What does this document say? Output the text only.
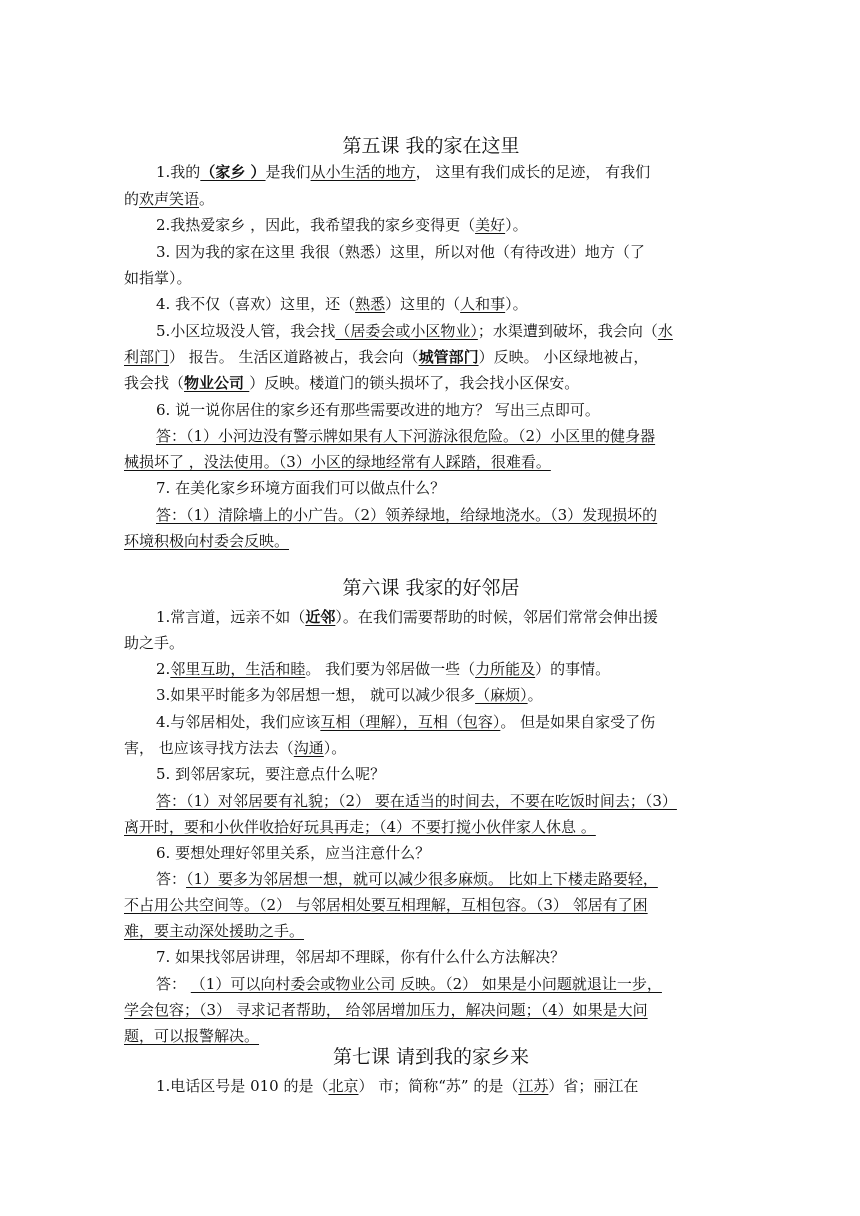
第五课 我的家在这里
1.我的（家乡 ）是我们从小生活的地方， 这里有我们成长的足迹， 有我们
的欢声笑语。
2.我热爱家乡 ，因此，我希望我的家乡变得更（美好）。
3. 因为我的家在这里 我很（熟悉）这里，所以对他（有待改进）地方（了
如指掌）。
4. 我不仅（喜欢）这里，还（熟悉）这里的（人和事）。
5.小区垃圾没人管，我会找（居委会或小区物业）；水渠遭到破坏，我会向（水
利部门） 报告。 生活区道路被占，我会向（城管部门）反映。 小区绿地被占，
我会找（物业公司 ）反映。楼道门的锁头损坏了，我会找小区保安。
6. 说一说你居住的家乡还有那些需要改进的地方？ 写出三点即可。
答：（1）小河边没有警示牌如果有人下河游泳很危险。（2）小区里的健身器
械损坏了 ，没法使用。（3）小区的绿地经常有人踩踏，很难看。
7. 在美化家乡环境方面我们可以做点什么？
答：（1）清除墙上的小广告。（2）领养绿地，给绿地浇水。（3）发现损坏的
环境积极向村委会反映。
第六课 我家的好邻居
1.常言道，远亲不如（近邻）。在我们需要帮助的时候，邻居们常常会伸出援
助之手。
2.邻里互助，生活和睦。 我们要为邻居做一些（力所能及）的事情。
3.如果平时能多为邻居想一想， 就可以减少很多（麻烦）。
4.与邻居相处，我们应该互相（理解），互相（包容）。 但是如果自家受了伤
害， 也应该寻找方法去（沟通）。
5. 到邻居家玩，要注意点什么呢？
答：（1）对邻居要有礼貌；（2） 要在适当的时间去，不要在吃饭时间去；（3）
离开时，要和小伙伴收拾好玩具再走；（4）不要打搅小伙伴家人休息 。
6. 要想处理好邻里关系，应当注意什么？
答：（1）要多为邻居想一想，就可以减少很多麻烦。 比如上下楼走路要轻，
不占用公共空间等。（2） 与邻居相处要互相理解，互相包容。（3） 邻居有了困
难，要主动深处援助之手。
7. 如果找邻居讲理，邻居却不理睬，你有什么什么方法解决？
答： （1）可以向村委会或物业公司 反映。（2） 如果是小问题就退让一步，
学会包容；（3） 寻求记者帮助， 给邻居增加压力，解决问题；（4）如果是大问
题，可以报警解决。
第七课 请到我的家乡来
1.电话区号是 010 的是（北京） 市；简称“苏” 的是（江苏）省；丽江在
